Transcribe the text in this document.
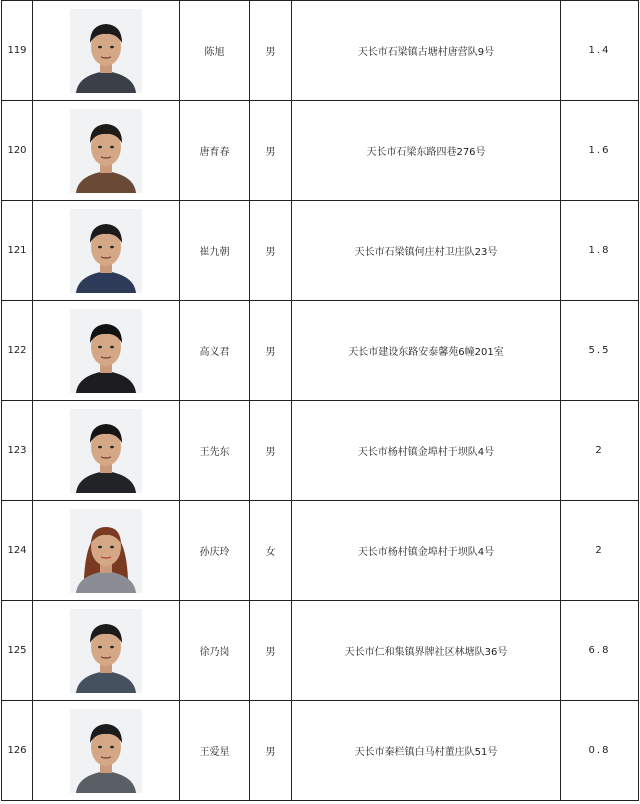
119		陈旭	男	天长市石梁镇古塘村唐营队9号	1.4
120		唐育春	男	天长市石梁东路四巷276号	1.6
121		崔九朝	男	天长市石梁镇何庄村卫庄队23号	1.8
122		高义君	男	天长市建设东路安泰馨苑6幢201室	5.5
123		王先东	男	天长市杨村镇金埠村于坝队4号	2
124		孙庆玲	女	天长市杨村镇金埠村于坝队4号	2
125		徐乃岗	男	天长市仁和集镇界牌社区林塘队36号	6.8
126		王爱星	男	天长市秦栏镇白马村董庄队51号	0.8
